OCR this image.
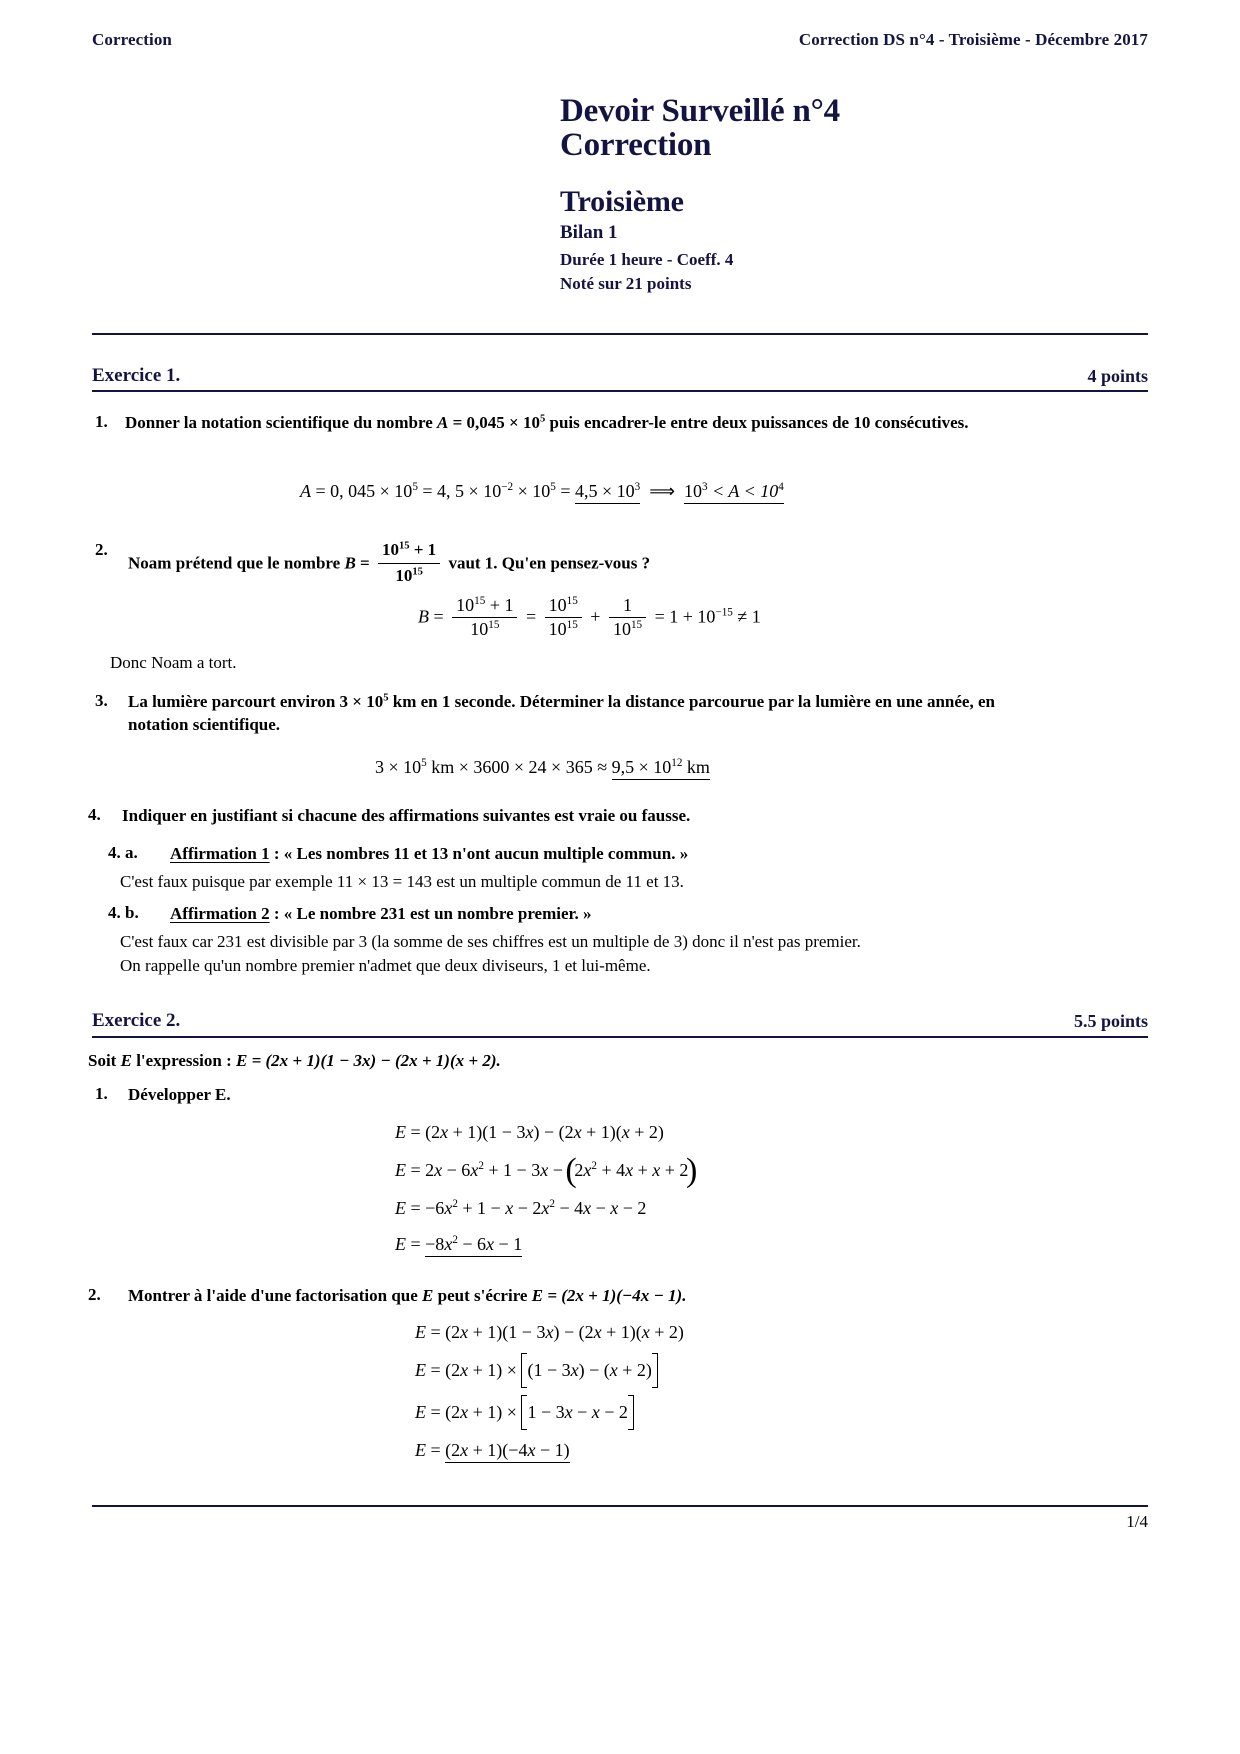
Correction	Correction DS n°4 - Troisième - Décembre 2017
Devoir Surveillé n°4
Correction
Troisième
Bilan 1
Durée 1 heure - Coeff. 4
Noté sur 21 points
Exercice 1.	4 points
1. Donner la notation scientifique du nombre $A = 0,045 \times 10^5$ puis encadrer-le entre deux puissances de 10 consécutives.
A = 0, $045 \times 10^5 = 4$, $5 \times 10^{-2} \times 10^5 = 4,5 \times 10^3$ ⟹ $10^3 < A < 10^4$
2.
Noam prétend que le nombre $B = \frac{10^{15} + 1}{10^{15}}$ vaut 1. Qu'en pensez-vous ?
$B = \frac{10^{15} + 1}{10^{15}} = \frac{10^{15}}{10^{15}} + \frac{1}{10^{15}} = 1 + 10^{-15} \ne 1$
Donc Noam a tort.
3. La lumière parcourt environ $3 \times 10^5$ km en 1 seconde. Déterminer la distance parcourue par la lumière en une année, en notation scientifique.
$3 \times 10^5$ km × $3600 \times 24 \times 365 \approx 9,5 \times 10^{12}$ km
4. Indiquer en justifiant si chacune des affirmations suivantes est vraie ou fausse.
4. a. Affirmation 1 : « Les nombres 11 et 13 n'ont aucun multiple commun. »
C'est faux puisque par exemple 11 × 13 = 143 est un multiple commun de 11 et 13.
4. b. Affirmation 2 : « Le nombre 231 est un nombre premier. »
C'est faux car 231 est divisible par 3 (la somme de ses chiffres est un multiple de 3) donc il n'est pas premier.
On rappelle qu'un nombre premier n'admet que deux diviseurs, 1 et lui-même.
Exercice 2.	5.5 points
Soit E l'expression : E = (2x + 1)(1 − 3x) − (2x + 1)(x + 2).
1. Développer E.
E = (2x + 1)(1 − 3x) − (2x + 1)(x + 2)
$E = 2x - 6x^2 + 1 - 3x$ − ( $2x^2 + 4x + x + 2$ )
$E = -6x^2 + 1 - x - 2x^2 - 4x - x - 2$
$E = -8x^2 - 6x - 1$
2. Montrer à l'aide d'une factorisation que E peut s'écrire E = (2x + 1)(−4x − 1).
E = (2x + 1)(1 − 3x) − (2x + 1)(x + 2)
E = (2x + 1) × (1 − 3x) − (x + 2)
E = (2x + 1) × 1 − 3x − x − 2
E = (2x + 1)(−4x − 1)
1/4
